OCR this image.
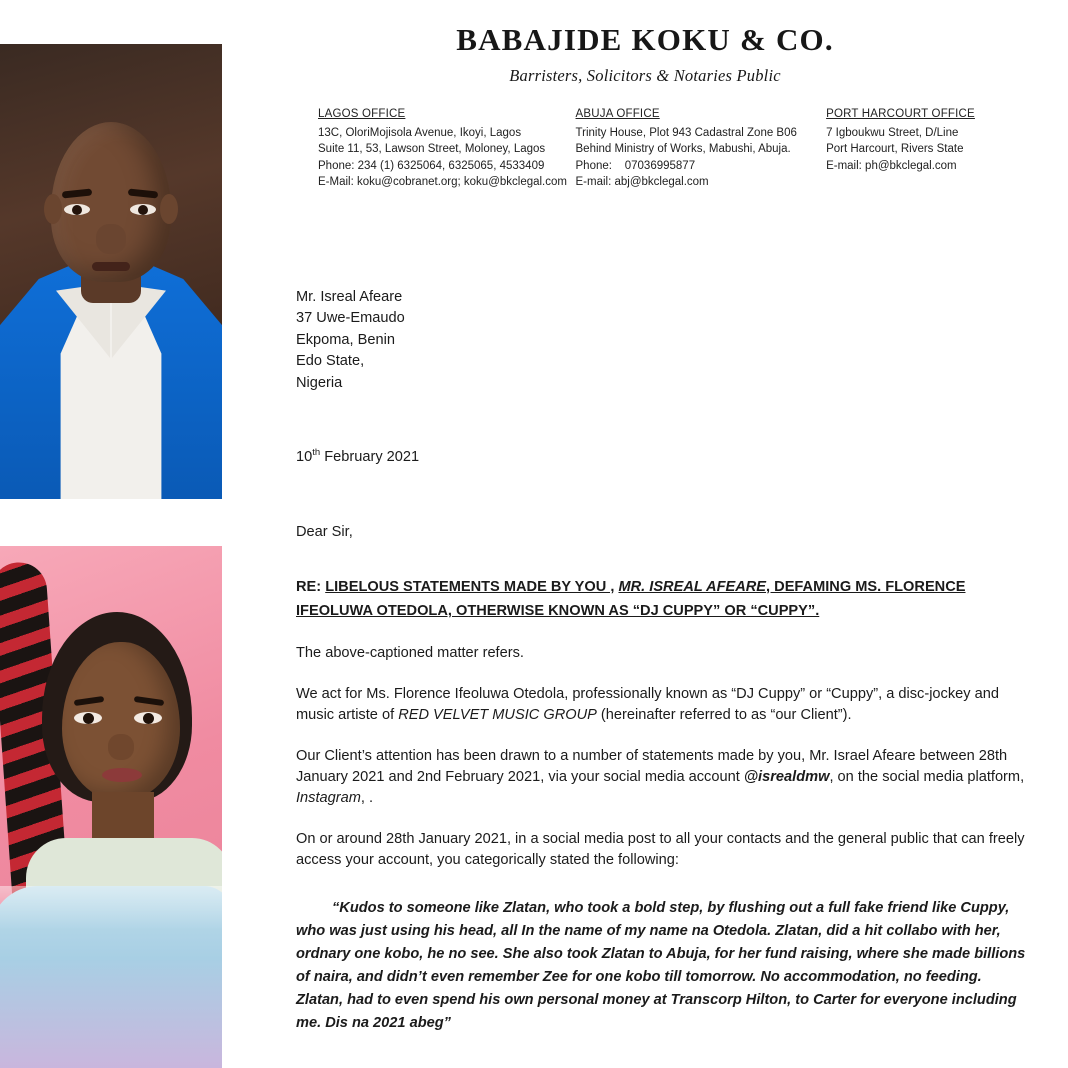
BABAJIDE KOKU & CO.
Barristers, Solicitors & Notaries Public
LAGOS OFFICE
13C, OloriMojisola Avenue, Ikoyi, Lagos
Suite 11, 53, Lawson Street, Moloney, Lagos
Phone: 234 (1) 6325064, 6325065, 4533409
E-Mail: koku@cobranet.org; koku@bkclegal.com
ABUJA OFFICE
Trinity House, Plot 943 Cadastral Zone B06
Behind Ministry of Works, Mabushi, Abuja.
Phone:    07036995877
E-mail: abj@bkclegal.com
PORT HARCOURT OFFICE
7 Igboukwu Street, D/Line
Port Harcourt, Rivers State
E-mail: ph@bkclegal.com
Mr. Isreal Afeare
37 Uwe-Emaudo
Ekpoma, Benin
Edo State,
Nigeria
10th February 2021
Dear Sir,
RE: LIBELOUS STATEMENTS MADE BY YOU , MR. ISREAL AFEARE, DEFAMING MS. FLORENCE IFEOLUWA OTEDOLA, OTHERWISE KNOWN AS “DJ CUPPY” OR “CUPPY”.

The above-captioned matter refers.

We act for Ms. Florence Ifeoluwa Otedola, professionally known as “DJ Cuppy” or “Cuppy”, a disc-jockey and music artiste of RED VELVET MUSIC GROUP (hereinafter referred to as “our Client”).

Our Client’s attention has been drawn to a number of statements made by you, Mr. Israel Afeare between 28th January 2021 and 2nd February 2021, via your social media account @isrealdmw, on the social media platform, Instagram, .

On or around 28th January 2021, in a social media post to all your contacts and the general public that can freely access your account, you categorically stated the following:

“Kudos to someone like Zlatan, who took a bold step, by flushing out a full fake friend like Cuppy, who was just using his head, all In the name of my name na Otedola. Zlatan, did a hit collabo with her, ordnary one kobo, he no see. She also took Zlatan to Abuja, for her fund raising, where she made billions of naira, and didn’t even remember Zee for one kobo till tomorrow. No accommodation, no feeding. Zlatan, had to even spend his own personal money at Transcorp Hilton, to Carter for everyone including me. Dis na 2021 abeg”
